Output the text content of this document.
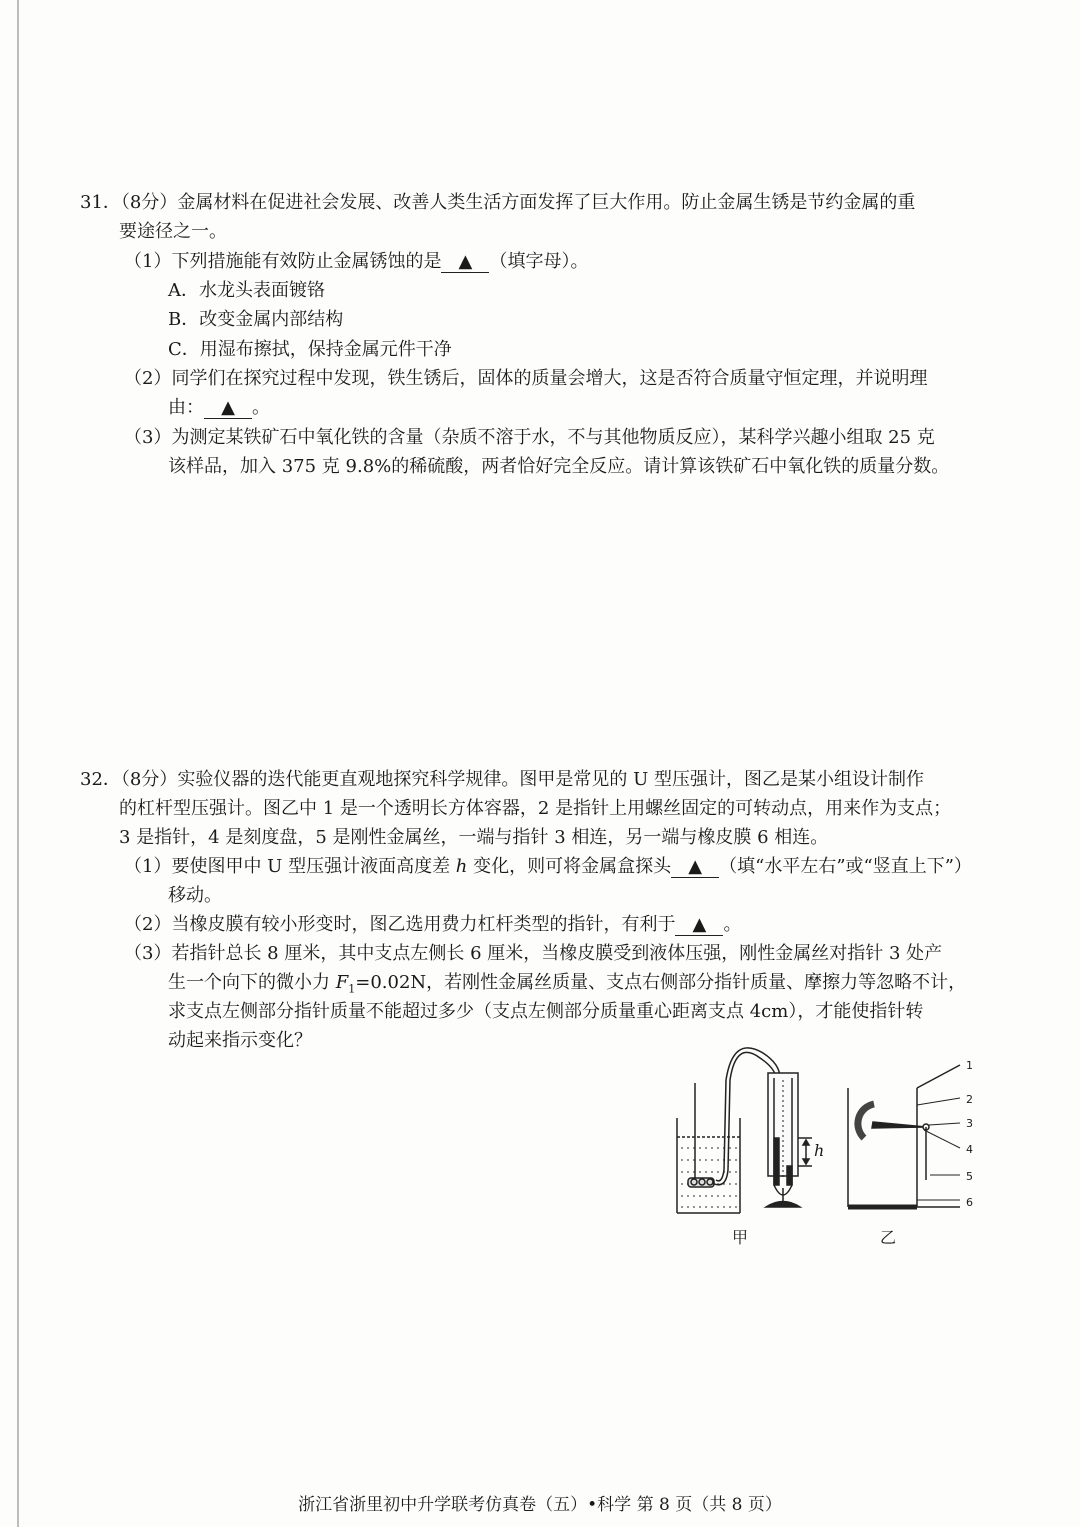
31．（8分）金属材料在促进社会发展、改善人类生活方面发挥了巨大作用。防止金属生锈是节约金属的重
要途径之一。
（1）下列措施能有效防止金属锈蚀的是 ▲ （填字母）。
A．水龙头表面镀铬
B．改变金属内部结构
C．用湿布擦拭，保持金属元件干净
（2）同学们在探究过程中发现，铁生锈后，固体的质量会增大，这是否符合质量守恒定理，并说明理
由： ▲ 。
（3）为测定某铁矿石中氧化铁的含量（杂质不溶于水，不与其他物质反应），某科学兴趣小组取 25 克
该样品，加入 375 克 9.8%的稀硫酸，两者恰好完全反应。请计算该铁矿石中氧化铁的质量分数。
32．（8分）实验仪器的迭代能更直观地探究科学规律。图甲是常见的 U 型压强计，图乙是某小组设计制作
的杠杆型压强计。图乙中 1 是一个透明长方体容器，2 是指针上用螺丝固定的可转动点，用来作为支点；
3 是指针，4 是刻度盘，5 是刚性金属丝，一端与指针 3 相连，另一端与橡皮膜 6 相连。
（1）要使图甲中 U 型压强计液面高度差 h 变化，则可将金属盒探头 ▲ （填“水平左右”或“竖直上下”）
移动。
（2）当橡皮膜有较小形变时，图乙选用费力杠杆类型的指针，有利于 ▲ 。
（3）若指针总长 8 厘米，其中支点左侧长 6 厘米，当橡皮膜受到液体压强，刚性金属丝对指针 3 处产
生一个向下的微小力 $F_1=0.02N$，若刚性金属丝质量、支点右侧部分指针质量、摩擦力等忽略不计，
求支点左侧部分指针质量不能超过多少（支点左侧部分质量重心距离支点 4cm），才能使指针转
动起来指示变化？
1
2
3
4
5
6
h
甲	乙
浙江省浙里初中升学联考仿真卷（五）•科学 第 8 页（共 8 页）
